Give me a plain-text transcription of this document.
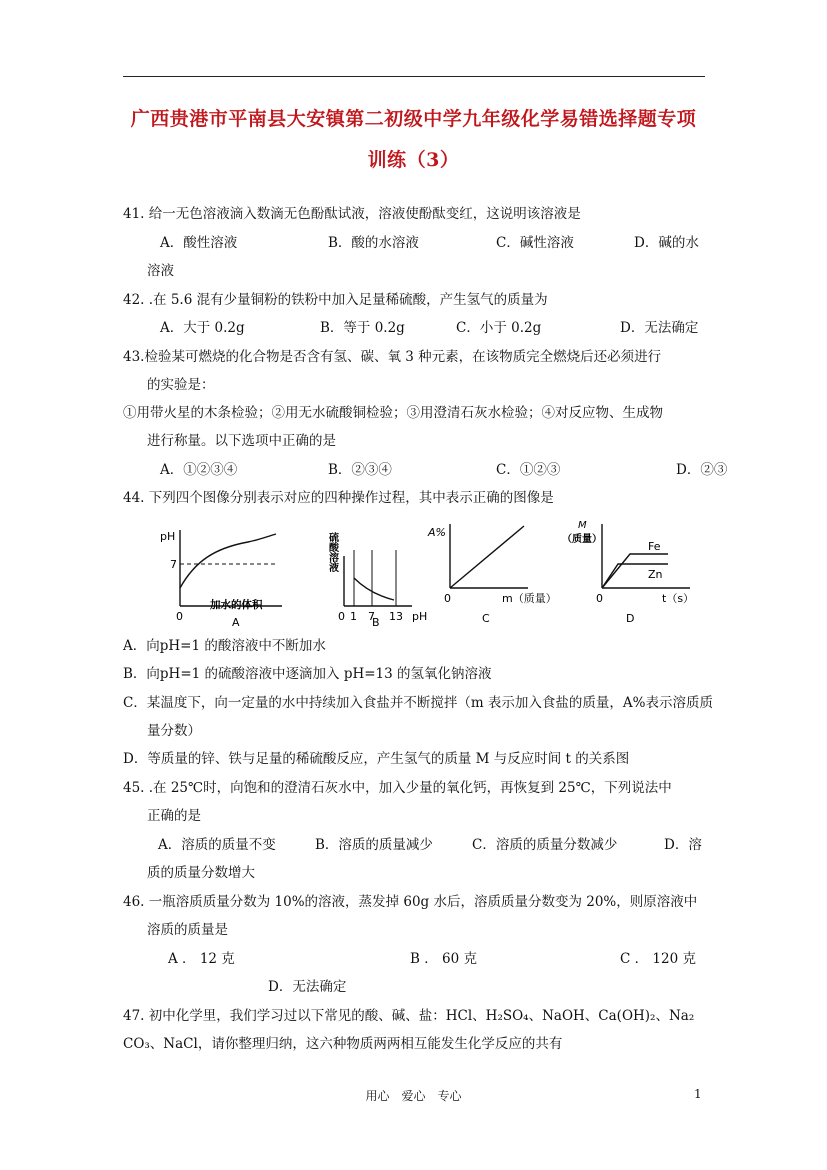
广西贵港市平南县大安镇第二初级中学九年级化学易错选择题专项
训练（3）
41. 给一无色溶液滴入数滴无色酚酞试液，溶液使酚酞变红，这说明该溶液是
A．酸性溶液	B．酸的水溶液	C．碱性溶液	D．碱的水
溶液
42. .在 5.6 混有少量铜粉的铁粉中加入足量稀硫酸，产生氢气的质量为
A．大于 0.2g	B．等于 0.2g	C．小于 0.2g	D．无法确定
43.检验某可燃烧的化合物是否含有氢、碳、氧 3 种元素，在该物质完全燃烧后还必须进行
的实验是：
①用带火星的木条检验；②用无水硫酸铜检验；③用澄清石灰水检验；④对反应物、生成物
进行称量。以下选项中正确的是
A．①②③④	B．②③④	C．①②③	D．②③
44. 下列四个图像分别表示对应的四种操作过程，其中表示正确的图像是
pH
7
0
加水的体积
A
硫酸溶液
0 1 7 13 pH
B
A%
0	m（质量）
C
M
（质量）
Fe
Zn
0	t（s）
D
A．向pH=1 的酸溶液中不断加水
B．向pH=1 的硫酸溶液中逐滴加入 pH=13 的氢氧化钠溶液
C．某温度下，向一定量的水中持续加入食盐并不断搅拌（m 表示加入食盐的质量，A%表示溶质质
量分数）
D．等质量的锌、铁与足量的稀硫酸反应，产生氢气的质量 M 与反应时间 t 的关系图
45. .在 25℃时，向饱和的澄清石灰水中，加入少量的氧化钙，再恢复到 25℃，下列说法中
正确的是
A．溶质的质量不变	B．溶质的质量减少	C．溶质的质量分数减少	D．溶
质的质量分数增大
46. 一瓶溶质质量分数为 10%的溶液，蒸发掉 60g 水后，溶质质量分数变为 20%，则原溶液中
溶质的质量是
A ． 12 克	B ． 60 克	C ． 120 克
D．无法确定
47. 初中化学里，我们学习过以下常见的酸、碱、盐：HCl、H₂SO₄、NaOH、Ca(OH)₂、Na₂
CO₃、NaCl，请你整理归纳，这六种物质两两相互能发生化学反应的共有
用心　爱心　专心	1
